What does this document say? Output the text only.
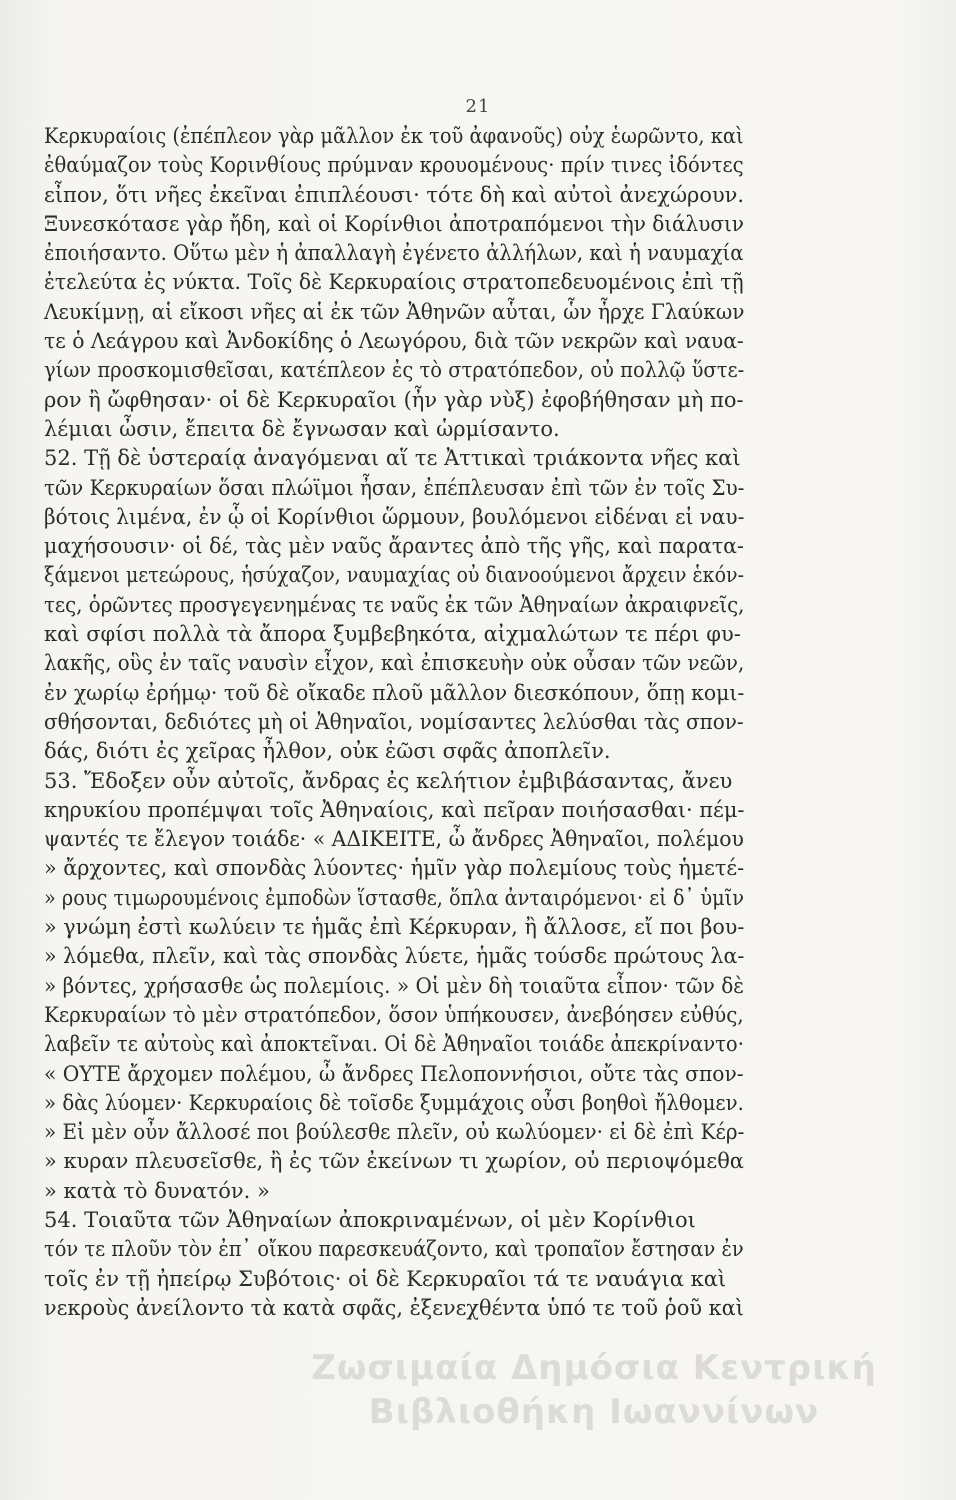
21
Κερκυραίοις (ἐπέπλεον γὰρ μᾶλλον ἐκ τοῦ ἀφανοῦς) οὐχ ἑωρῶντο, καὶ
ἐθαύμαζον τοὺς Κορινθίους πρύμναν κρουομένους· πρίν τινες ἰδόντες
εἶπον, ὅτι νῆες ἐκεῖναι ἐπιπλέουσι· τότε δὴ καὶ αὐτοὶ ἀνεχώρουν.
Ξυνεσκότασε γὰρ ἤδη, καὶ οἱ Κορίνθιοι ἀποτραπόμενοι τὴν διάλυσιν
ἐποιήσαντο. Οὕτω μὲν ἡ ἀπαλλαγὴ ἐγένετο ἀλλήλων, καὶ ἡ ναυμαχία
ἐτελεύτα ἐς νύκτα. Τοῖς δὲ Κερκυραίοις στρατοπεδευομένοις ἐπὶ τῇ
Λευκίμνῃ, αἱ εἴκοσι νῆες αἱ ἐκ τῶν Ἀθηνῶν αὗται, ὧν ἦρχε Γλαύκων
τε ὁ Λεάγρου καὶ Ἀνδοκίδης ὁ Λεωγόρου, διὰ τῶν νεκρῶν καὶ ναυα-
γίων προσκομισθεῖσαι, κατέπλεον ἐς τὸ στρατόπεδον, οὐ πολλῷ ὕστε-
ρον ἢ ὤφθησαν· οἱ δὲ Κερκυραῖοι (ἦν γὰρ νὺξ) ἐφοβήθησαν μὴ πο-
λέμιαι ὦσιν, ἔπειτα δὲ ἔγνωσαν καὶ ὡρμίσαντο.
52. Τῇ δὲ ὑστεραίᾳ ἀναγόμεναι αἵ τε Ἀττικαὶ τριάκοντα νῆες καὶ
τῶν Κερκυραίων ὅσαι πλώϊμοι ἦσαν, ἐπέπλευσαν ἐπὶ τῶν ἐν τοῖς Συ-
βότοις λιμένα, ἐν ᾧ οἱ Κορίνθιοι ὥρμουν, βουλόμενοι εἰδέναι εἰ ναυ-
μαχήσουσιν· οἱ δέ, τὰς μὲν ναῦς ἄραντες ἀπὸ τῆς γῆς, καὶ παρατα-
ξάμενοι μετεώρους, ἡσύχαζον, ναυμαχίας οὐ διανοούμενοι ἄρχειν ἑκόν-
τες, ὁρῶντες προσγεγενημένας τε ναῦς ἐκ τῶν Ἀθηναίων ἀκραιφνεῖς,
καὶ σφίσι πολλὰ τὰ ἄπορα ξυμβεβηκότα, αἰχμαλώτων τε πέρι φυ-
λακῆς, οὓς ἐν ταῖς ναυσὶν εἶχον, καὶ ἐπισκευὴν οὐκ οὖσαν τῶν νεῶν,
ἐν χωρίῳ ἐρήμῳ· τοῦ δὲ οἴκαδε πλοῦ μᾶλλον διεσκόπουν, ὅπῃ κομι-
σθήσονται, δεδιότες μὴ οἱ Ἀθηναῖοι, νομίσαντες λελύσθαι τὰς σπον-
δάς, διότι ἐς χεῖρας ἦλθον, οὐκ ἐῶσι σφᾶς ἀποπλεῖν.
53. Ἔδοξεν οὖν αὐτοῖς, ἄνδρας ἐς κελήτιον ἐμβιβάσαντας, ἄνευ
κηρυκίου προπέμψαι τοῖς Ἀθηναίοις, καὶ πεῖραν ποιήσασθαι· πέμ-
ψαντές τε ἔλεγον τοιάδε· « ΑΔΙΚΕΙΤΕ, ὦ ἄνδρες Ἀθηναῖοι, πολέμου
» ἄρχοντες, καὶ σπονδὰς λύοντες· ἡμῖν γὰρ πολεμίους τοὺς ἡμετέ-
» ρους τιμωρουμένοις ἐμποδὼν ἵστασθε, ὅπλα ἀνταιρόμενοι· εἰ δ᾽ ὑμῖν
» γνώμη ἐστὶ κωλύειν τε ἡμᾶς ἐπὶ Κέρκυραν, ἢ ἄλλοσε, εἴ ποι βου-
» λόμεθα, πλεῖν, καὶ τὰς σπονδὰς λύετε, ἡμᾶς τούσδε πρώτους λα-
» βόντες, χρήσασθε ὡς πολεμίοις. » Οἱ μὲν δὴ τοιαῦτα εἶπον· τῶν δὲ
Κερκυραίων τὸ μὲν στρατόπεδον, ὅσον ὑπήκουσεν, ἀνεβόησεν εὐθύς,
λαβεῖν τε αὐτοὺς καὶ ἀποκτεῖναι. Οἱ δὲ Ἀθηναῖοι τοιάδε ἀπεκρίναντο·
« ΟΥΤΕ ἄρχομεν πολέμου, ὦ ἄνδρες Πελοποννήσιοι, οὔτε τὰς σπον-
» δὰς λύομεν· Κερκυραίοις δὲ τοῖσδε ξυμμάχοις οὖσι βοηθοὶ ἤλθομεν.
» Εἰ μὲν οὖν ἄλλοσέ ποι βούλεσθε πλεῖν, οὐ κωλύομεν· εἰ δὲ ἐπὶ Κέρ-
» κυραν πλευσεῖσθε, ἢ ἐς τῶν ἐκείνων τι χωρίον, οὐ περιοψόμεθα
» κατὰ τὸ δυνατόν. »
54. Τοιαῦτα τῶν Ἀθηναίων ἀποκριναμένων, οἱ μὲν Κορίνθιοι
τόν τε πλοῦν τὸν ἐπ᾽ οἴκου παρεσκευάζοντο, καὶ τροπαῖον ἔστησαν ἐν
τοῖς ἐν τῇ ἠπείρῳ Συβότοις· οἱ δὲ Κερκυραῖοι τά τε ναυάγια καὶ
νεκροὺς ἀνείλοντο τὰ κατὰ σφᾶς, ἐξενεχθέντα ὑπό τε τοῦ ῥοῦ καὶ
Ζωσιμαία Δημόσια Κεντρική
Βιβλιοθήκη Ιωαννίνων
